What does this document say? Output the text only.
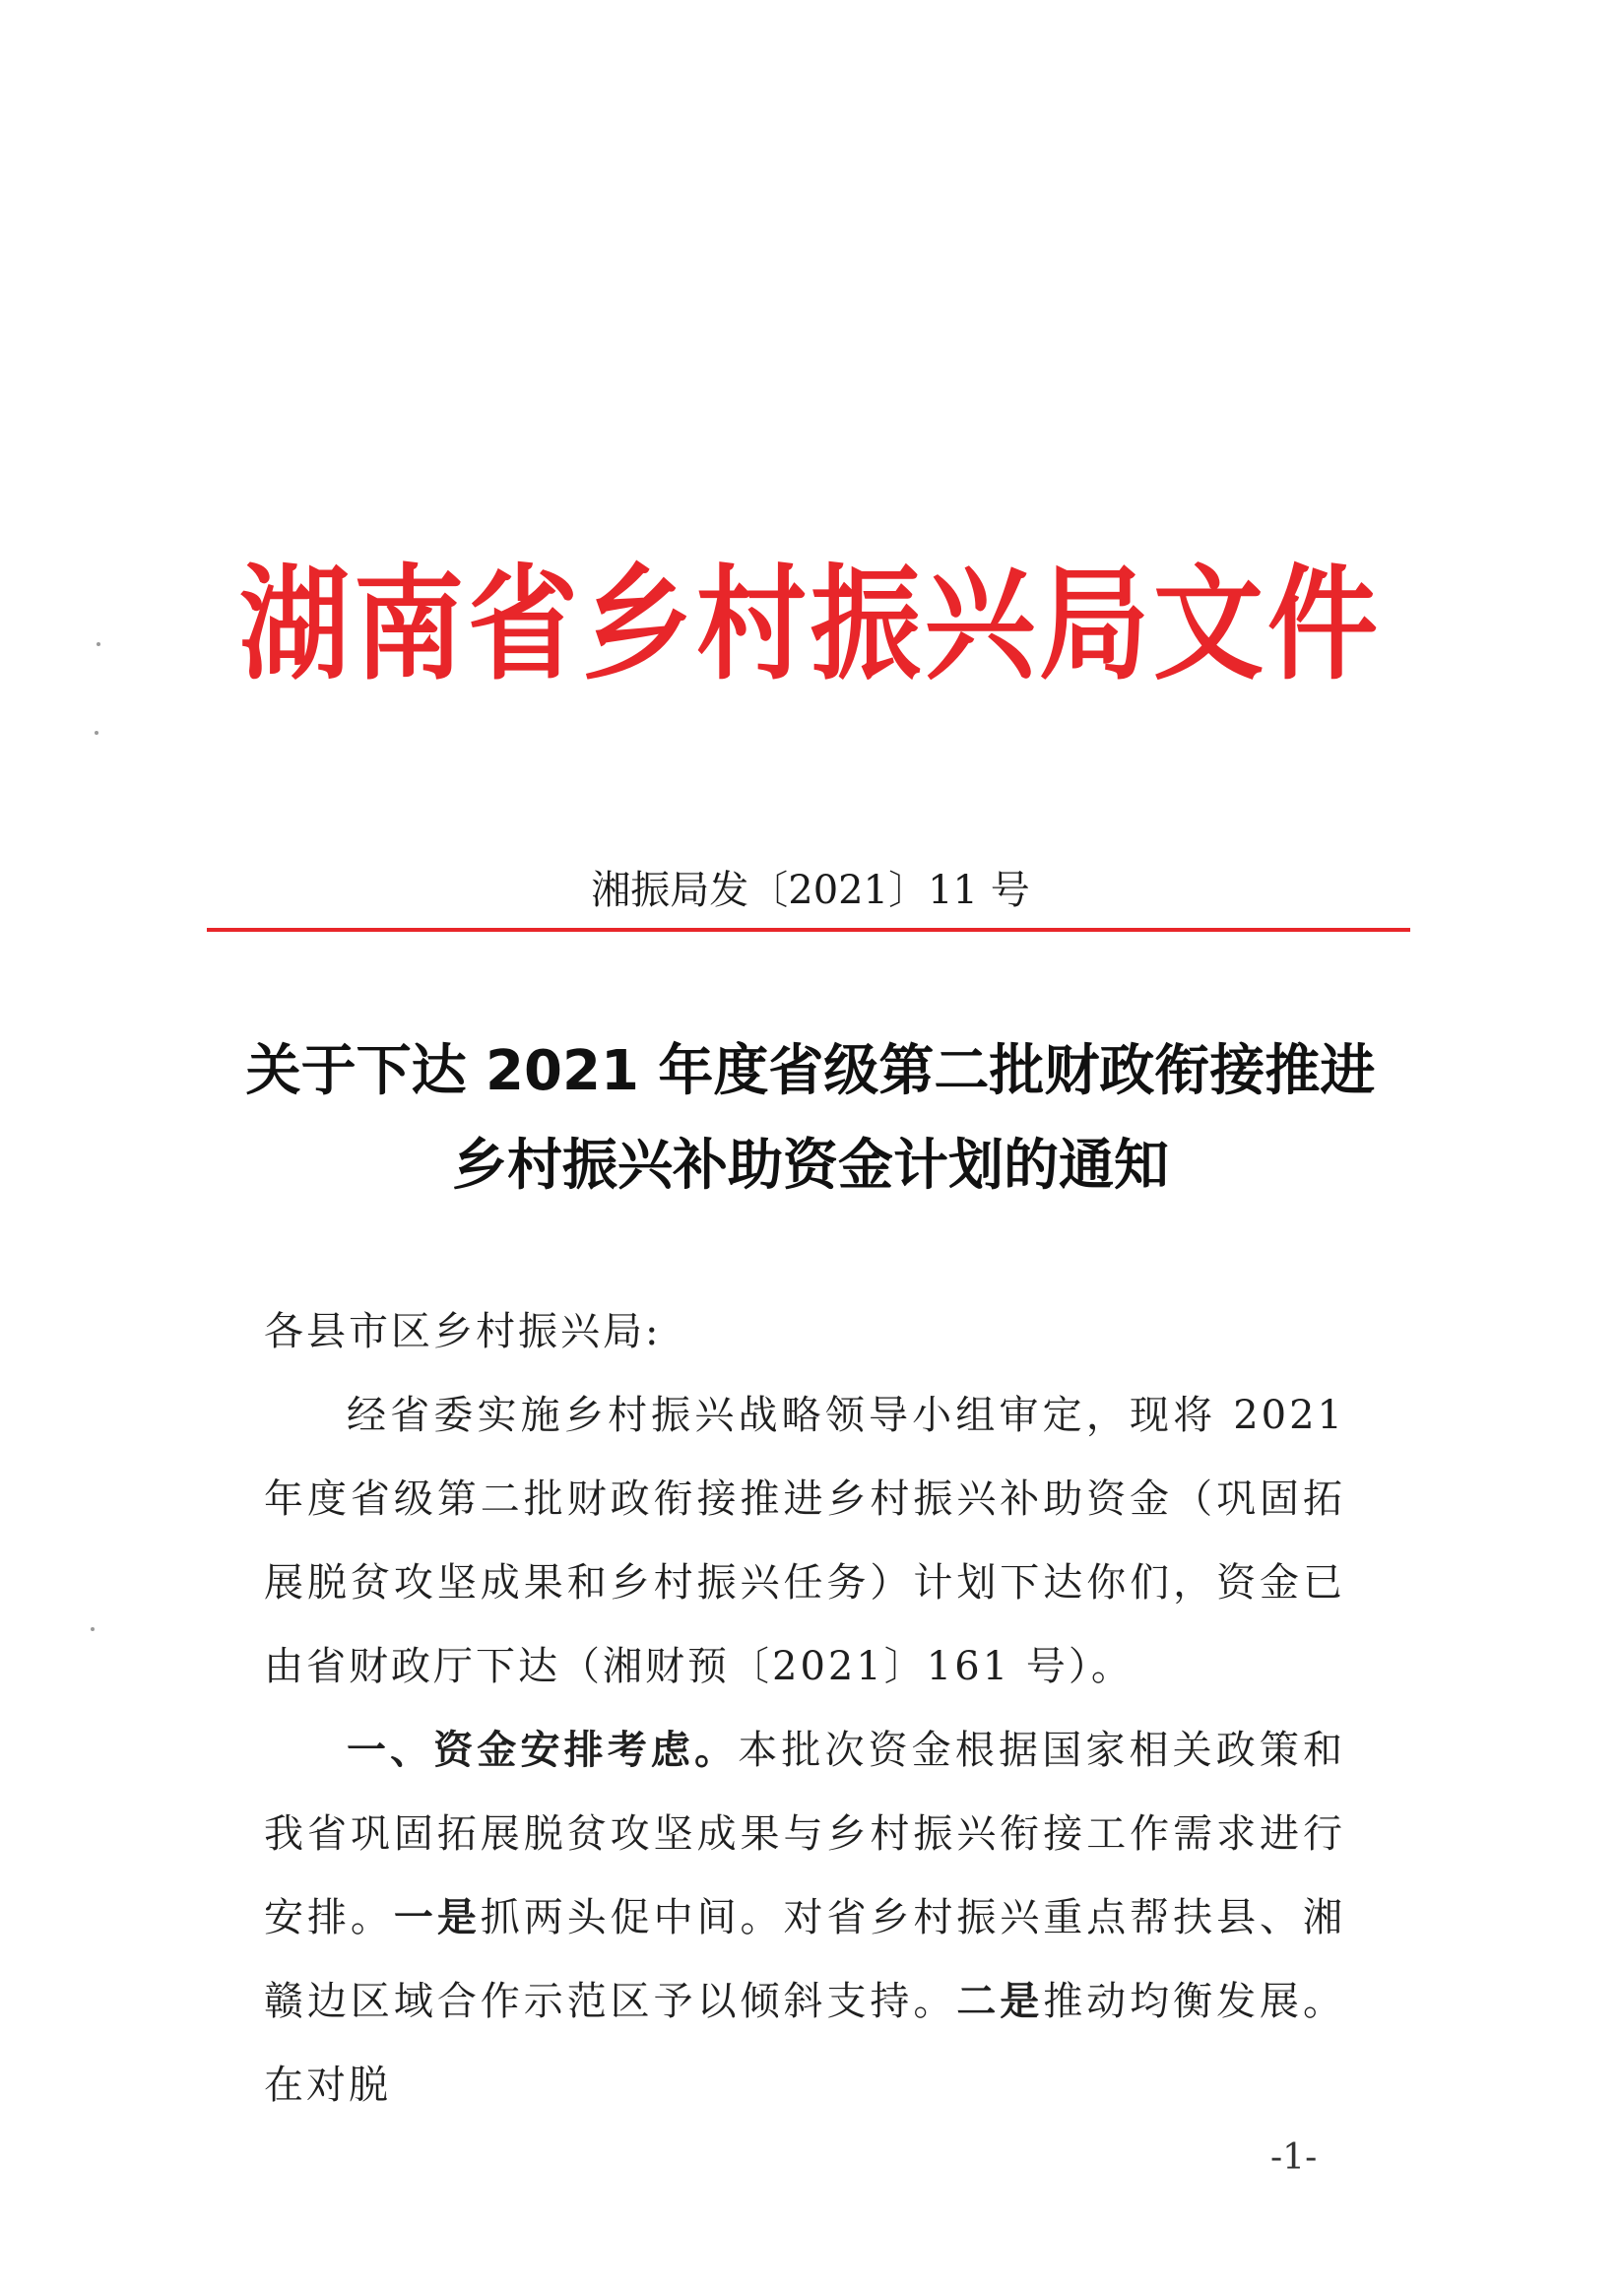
湖南省乡村振兴局文件
湘振局发〔2021〕11 号
关于下达 2021 年度省级第二批财政衔接推进
乡村振兴补助资金计划的通知

各县市区乡村振兴局:

经省委实施乡村振兴战略领导小组审定，现将 2021 年度省级第二批财政衔接推进乡村振兴补助资金（巩固拓展脱贫攻坚成果和乡村振兴任务）计划下达你们，资金已由省财政厅下达（湘财预〔2021〕161 号）。

一、资金安排考虑。本批次资金根据国家相关政策和我省巩固拓展脱贫攻坚成果与乡村振兴衔接工作需求进行安排。一是抓两头促中间。对省乡村振兴重点帮扶县、湘赣边区域合作示范区予以倾斜支持。二是推动均衡发展。在对脱

-1-
